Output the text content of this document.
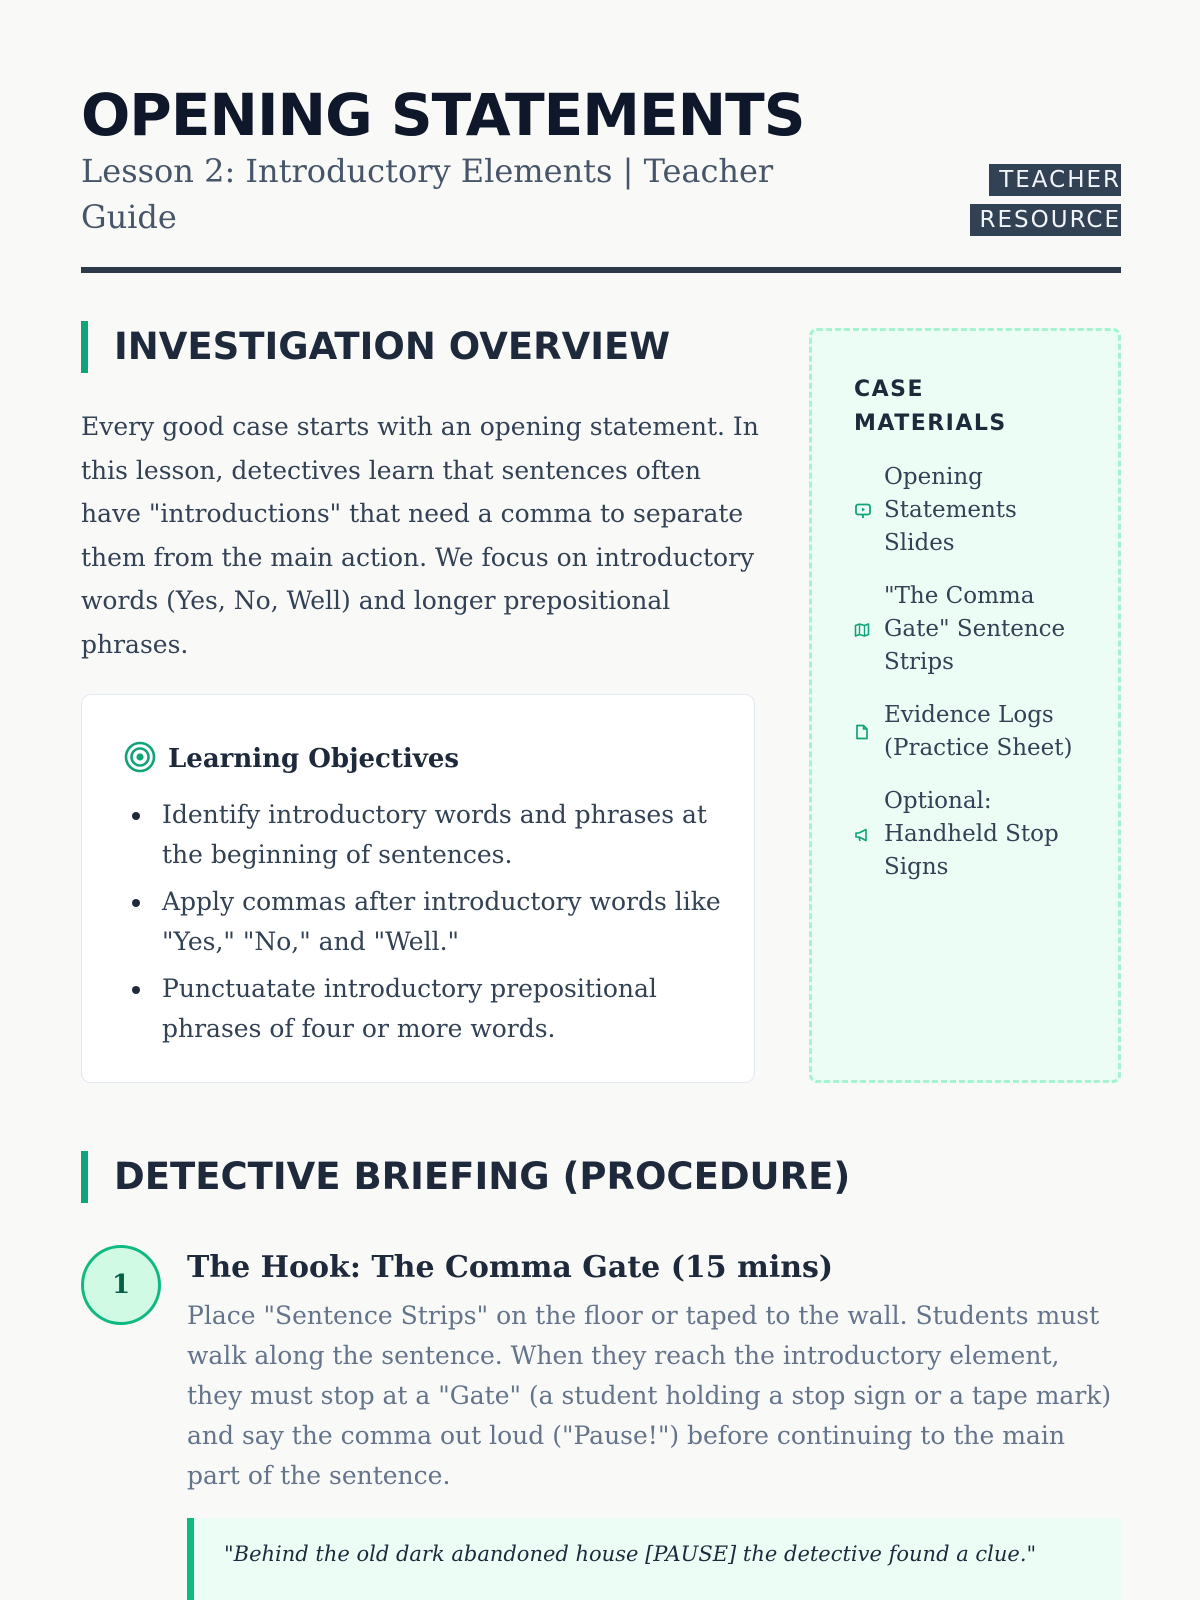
OPENING STATEMENTS
Lesson 2: Introductory Elements | Teacher Guide
TEACHER RESOURCE
INVESTIGATION OVERVIEW

Every good case starts with an opening statement. In this lesson, detectives learn that sentences often have "introductions" that need a comma to separate them from the main action. We focus on introductory words (Yes, No, Well) and longer prepositional phrases.

Learning Objectives
Identify introductory words and phrases at the beginning of sentences.
Apply commas after introductory words like "Yes," "No," and "Well."
Punctuatate introductory prepositional phrases of four or more words.
CASE MATERIALS
Opening Statements Slides
"The Comma Gate" Sentence Strips
Evidence Logs (Practice Sheet)
Optional: Handheld Stop Signs
DETECTIVE BRIEFING (PROCEDURE)
1	The Hook: The Comma Gate (15 mins)

Place "Sentence Strips" on the floor or taped to the wall. Students must walk along the sentence. When they reach the introductory element, they must stop at a "Gate" (a student holding a stop sign or a tape mark) and say the comma out loud ("Pause!") before continuing to the main part of the sentence.

"Behind the old dark abandoned house [PAUSE] the detective found a clue."
